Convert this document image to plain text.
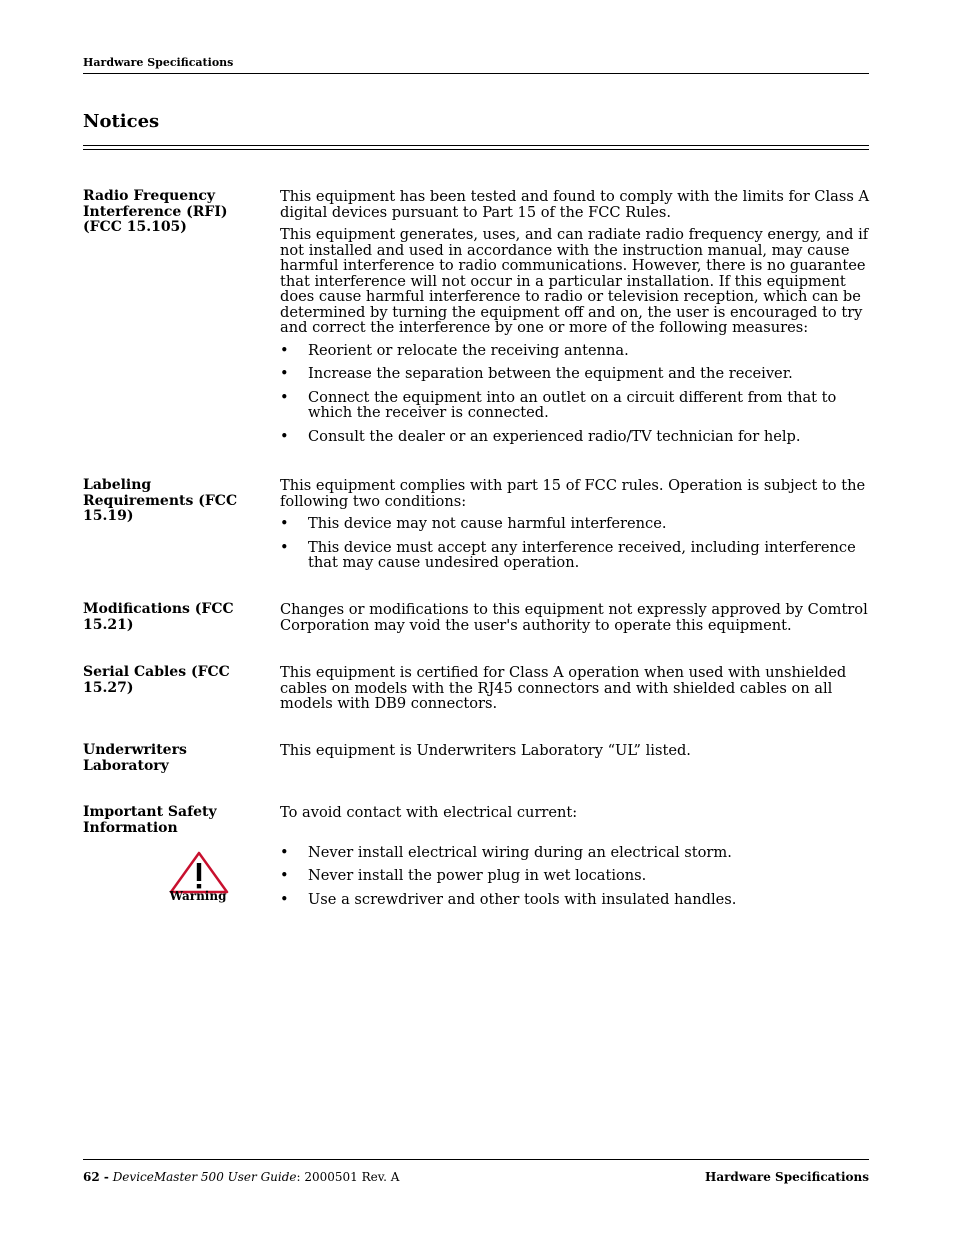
Hardware Specifications
Notices
Radio Frequency Interference (RFI) (FCC 15.105)

This equipment has been tested and found to comply with the limits for Class A digital devices pursuant to Part 15 of the FCC Rules.

This equipment generates, uses, and can radiate radio frequency energy, and if not installed and used in accordance with the instruction manual, may cause harmful interference to radio communications. However, there is no guarantee that interference will not occur in a particular installation. If this equipment does cause harmful interference to radio or television reception, which can be determined by turning the equipment off and on, the user is encouraged to try and correct the interference by one or more of the following measures:

• Reorient or relocate the receiving antenna.
• Increase the separation between the equipment and the receiver.
• Connect the equipment into an outlet on a circuit different from that to which the receiver is connected.
• Consult the dealer or an experienced radio/TV technician for help.
Labeling Requirements (FCC 15.19)

This equipment complies with part 15 of FCC rules. Operation is subject to the following two conditions:

• This device may not cause harmful interference.
• This device must accept any interference received, including interference that may cause undesired operation.
Modifications (FCC 15.21)

Changes or modifications to this equipment not expressly approved by Comtrol Corporation may void the user's authority to operate this equipment.

Serial Cables (FCC 15.27)

This equipment is certified for Class A operation when used with unshielded cables on models with the RJ45 connectors and with shielded cables on all models with DB9 connectors.

Underwriters Laboratory

This equipment is Underwriters Laboratory “UL” listed.

Important Safety Information

To avoid contact with electrical current:

• Never install electrical wiring during an electrical storm.
• Never install the power plug in wet locations.
• Use a screwdriver and other tools with insulated handles.
Warning
62 - DeviceMaster 500 User Guide: 2000501 Rev. A	Hardware Specifications
